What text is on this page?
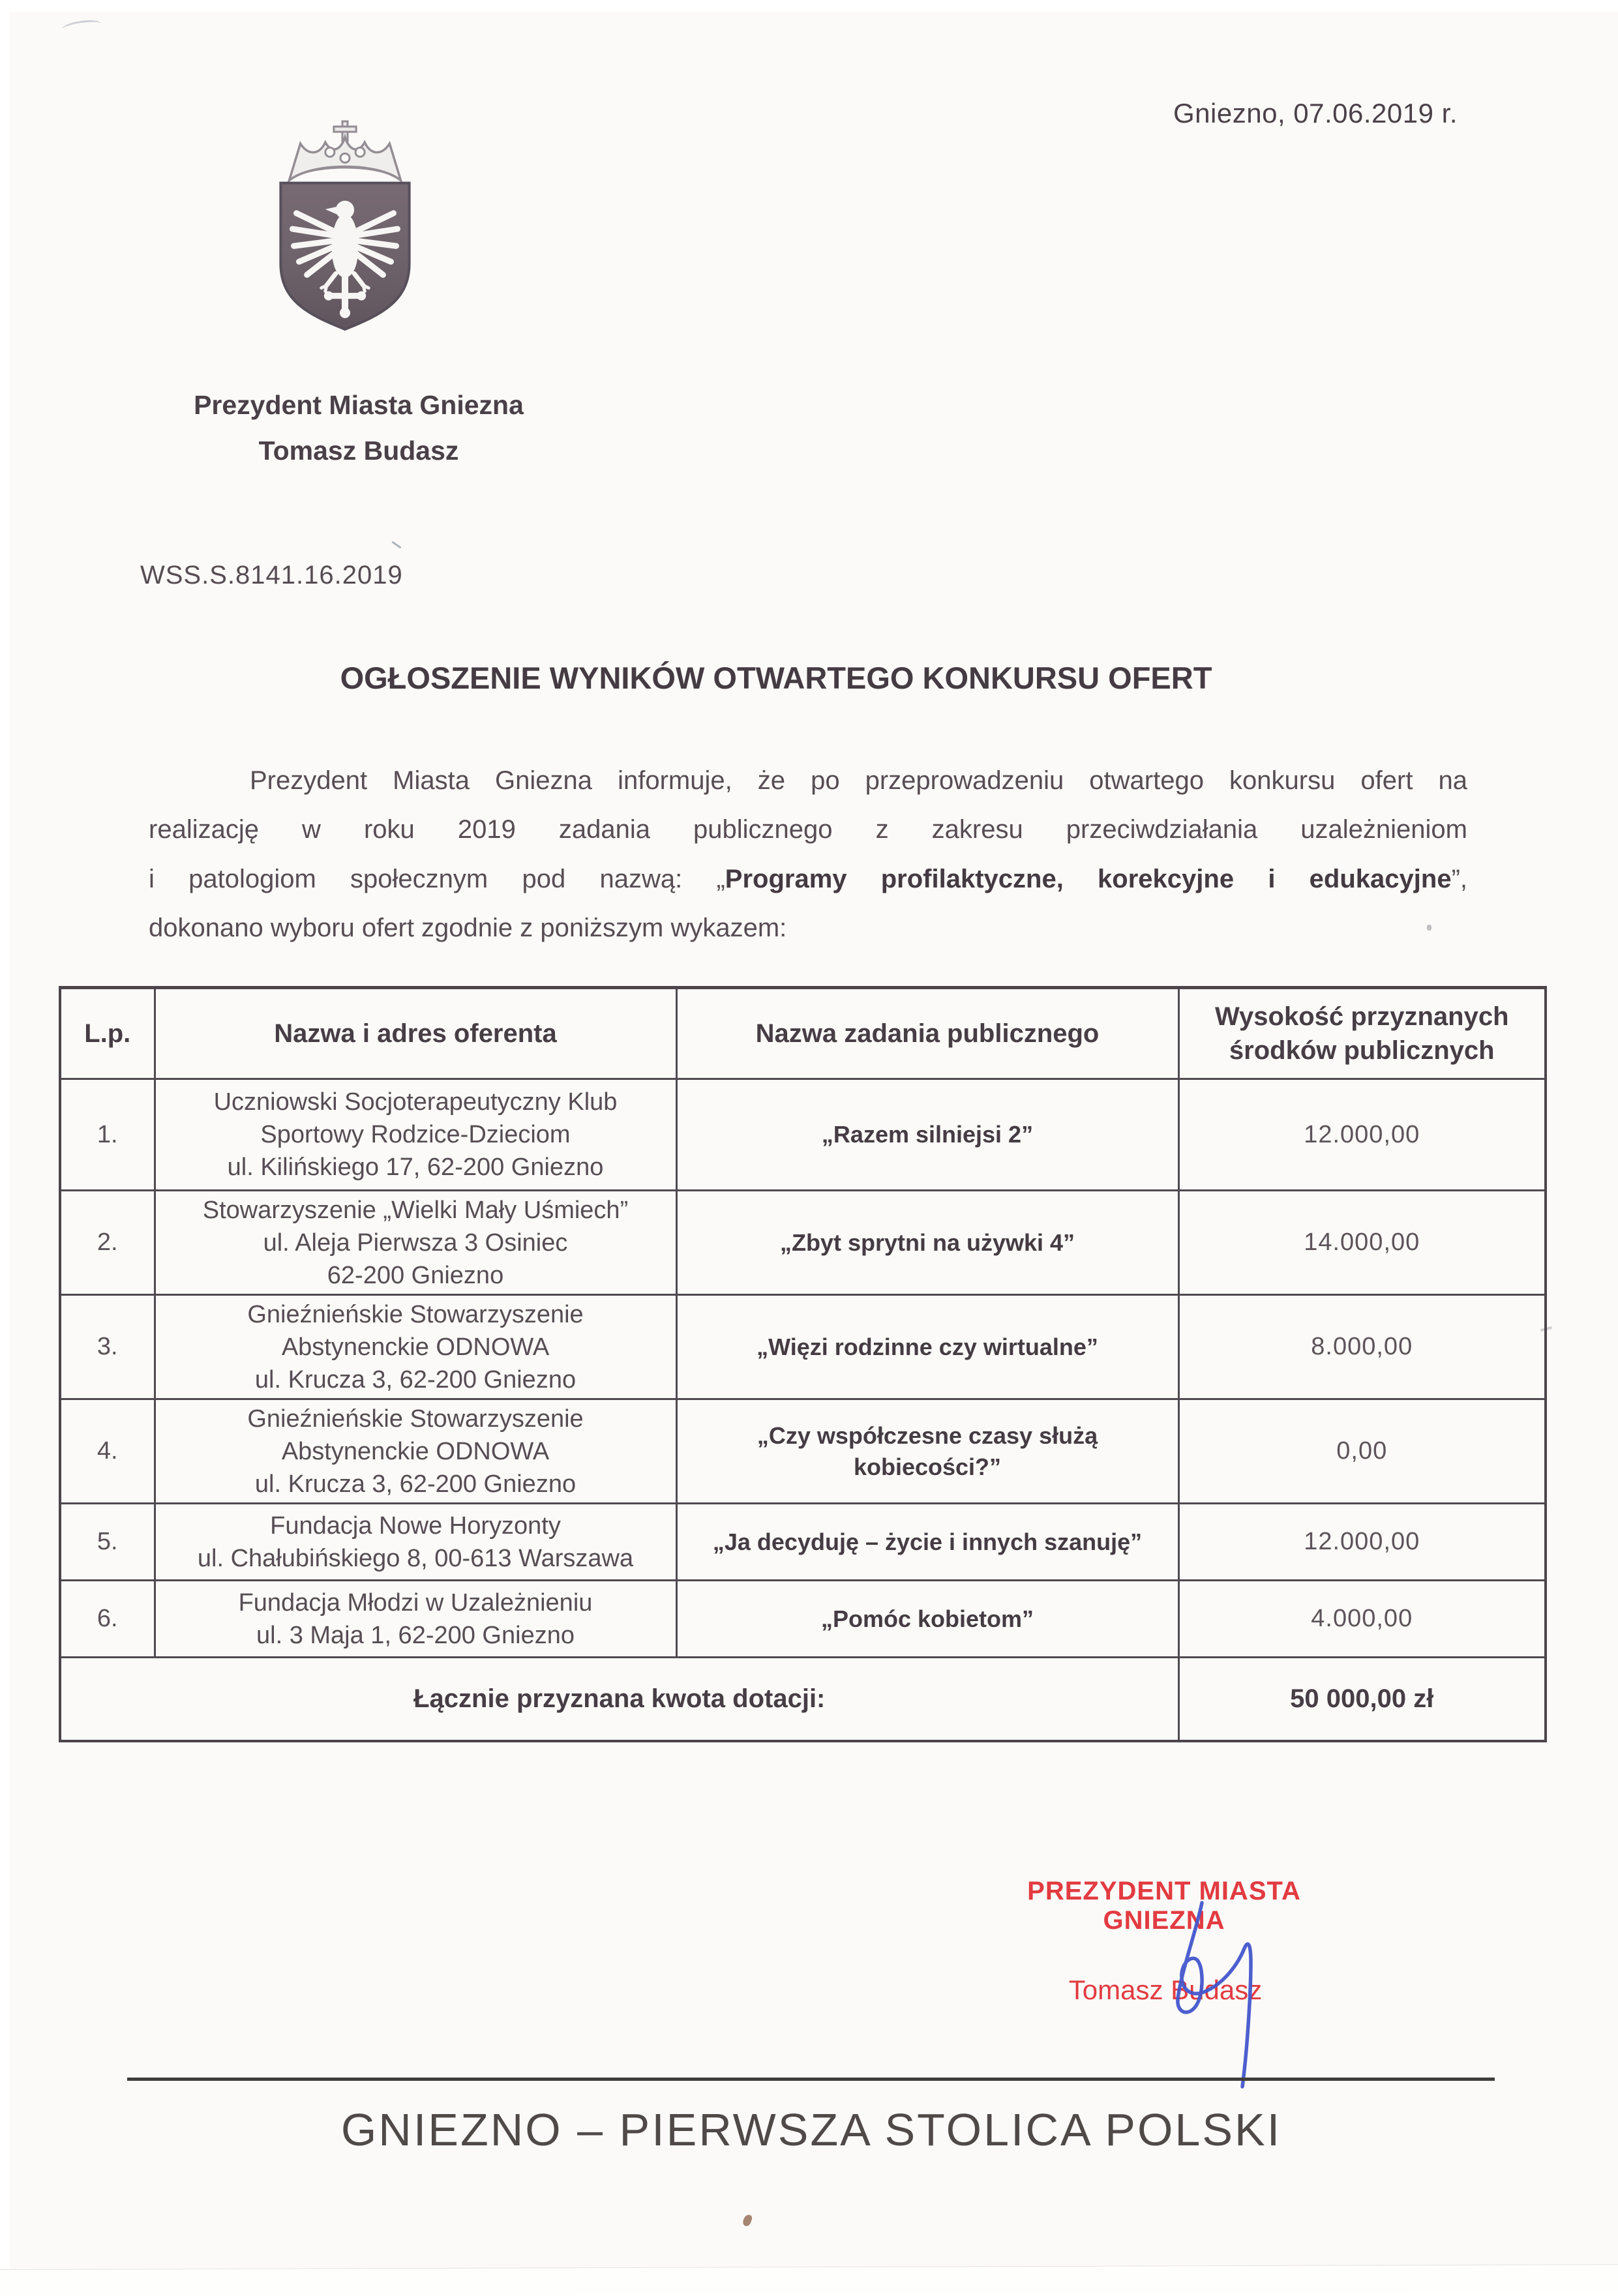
Gniezno, 07.06.2019 r.
Prezydent Miasta Gniezna
Tomasz Budasz
WSS.S.8141.16.2019
OGŁOSZENIE WYNIKÓW OTWARTEGO KONKURSU OFERT
Prezydent Miasta Gniezna informuje, że po przeprowadzeniu otwartego konkursu ofert na
realizację w roku 2019 zadania publicznego z zakresu przeciwdziałania uzależnieniom
i patologiom społecznym pod nazwą: „Programy profilaktyczne, korekcyjne i edukacyjne”,
dokonano wyboru ofert zgodnie z poniższym wykazem:
L.p.	Nazwa i adres oferenta	Nazwa zadania publicznego	Wysokość przyznanych środków publicznych
1.	Uczniowski Socjoterapeutyczny Klub
Sportowy Rodzice-Dzieciom
ul. Kilińskiego 17, 62-200 Gniezno	„Razem silniejsi 2”	12.000,00
2.	Stowarzyszenie „Wielki Mały Uśmiech”
ul. Aleja Pierwsza 3 Osiniec
62-200 Gniezno	„Zbyt sprytni na używki 4”	14.000,00
3.	Gnieźnieńskie Stowarzyszenie
Abstynenckie ODNOWA
ul. Krucza 3, 62-200 Gniezno	„Więzi rodzinne czy wirtualne”	8.000,00
4.	Gnieźnieńskie Stowarzyszenie
Abstynenckie ODNOWA
ul. Krucza 3, 62-200 Gniezno	„Czy współczesne czasy służą
kobiecości?”	0,00
5.	Fundacja Nowe Horyzonty
ul. Chałubińskiego 8, 00-613 Warszawa	„Ja decyduję – życie i innych szanuję”	12.000,00
6.	Fundacja Młodzi w Uzależnieniu
ul. 3 Maja 1, 62-200 Gniezno	„Pomóc kobietom”	4.000,00
Łącznie przyznana kwota dotacji:			50 000,00 zł
PREZYDENT MIASTA GNIEZNA
Tomasz Budasz
GNIEZNO – PIERWSZA STOLICA POLSKI
